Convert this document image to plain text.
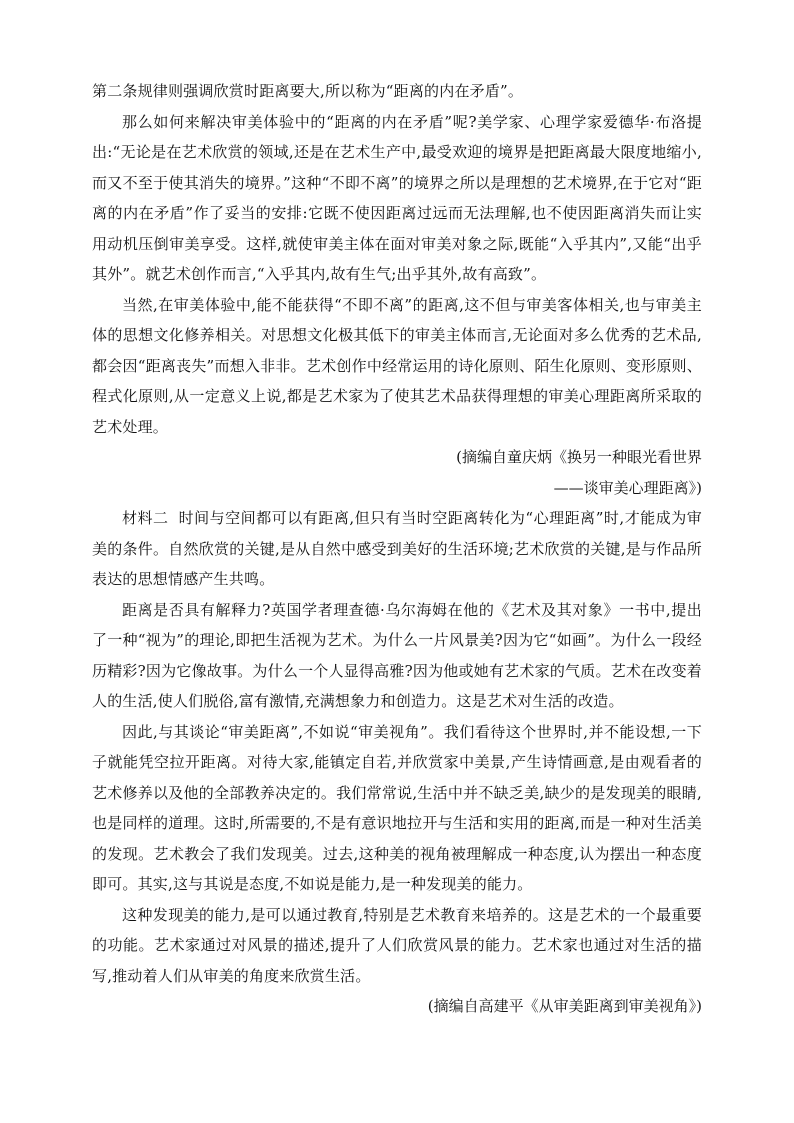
第二条规律则强调欣赏时距离要大,所以称为“距离的内在矛盾”。

那么如何来解决审美体验中的“距离的内在矛盾”呢?美学家、心理学家爱德华·布洛提出:“无论是在艺术欣赏的领域,还是在艺术生产中,最受欢迎的境界是把距离最大限度地缩小,而又不至于使其消失的境界。”这种“不即不离”的境界之所以是理想的艺术境界,在于它对“距离的内在矛盾”作了妥当的安排:它既不使因距离过远而无法理解,也不使因距离消失而让实用动机压倒审美享受。这样,就使审美主体在面对审美对象之际,既能“入乎其内”,又能“出乎其外”。就艺术创作而言,“入乎其内,故有生气;出乎其外,故有高致”。

当然,在审美体验中,能不能获得“不即不离”的距离,这不但与审美客体相关,也与审美主体的思想文化修养相关。对思想文化极其低下的审美主体而言,无论面对多么优秀的艺术品,都会因“距离丧失”而想入非非。艺术创作中经常运用的诗化原则、陌生化原则、变形原则、程式化原则,从一定意义上说,都是艺术家为了使其艺术品获得理想的审美心理距离所采取的艺术处理。

(摘编自童庆炳《换另一种眼光看世界

——谈审美心理距离》)

材料二 时间与空间都可以有距离,但只有当时空距离转化为“心理距离”时,才能成为审美的条件。自然欣赏的关键,是从自然中感受到美好的生活环境;艺术欣赏的关键,是与作品所表达的思想情感产生共鸣。

距离是否具有解释力?英国学者理查德·乌尔海姆在他的《艺术及其对象》一书中,提出了一种“视为”的理论,即把生活视为艺术。为什么一片风景美?因为它“如画”。为什么一段经历精彩?因为它像故事。为什么一个人显得高雅?因为他或她有艺术家的气质。艺术在改变着人的生活,使人们脱俗,富有激情,充满想象力和创造力。这是艺术对生活的改造。

因此,与其谈论“审美距离”,不如说“审美视角”。我们看待这个世界时,并不能设想,一下子就能凭空拉开距离。对待大家,能镇定自若,并欣赏家中美景,产生诗情画意,是由观看者的艺术修养以及他的全部教养决定的。我们常常说,生活中并不缺乏美,缺少的是发现美的眼睛,也是同样的道理。这时,所需要的,不是有意识地拉开与生活和实用的距离,而是一种对生活美的发现。艺术教会了我们发现美。过去,这种美的视角被理解成一种态度,认为摆出一种态度即可。其实,这与其说是态度,不如说是能力,是一种发现美的能力。

这种发现美的能力,是可以通过教育,特别是艺术教育来培养的。这是艺术的一个最重要的功能。艺术家通过对风景的描述,提升了人们欣赏风景的能力。艺术家也通过对生活的描写,推动着人们从审美的角度来欣赏生活。

(摘编自高建平《从审美距离到审美视角》)
